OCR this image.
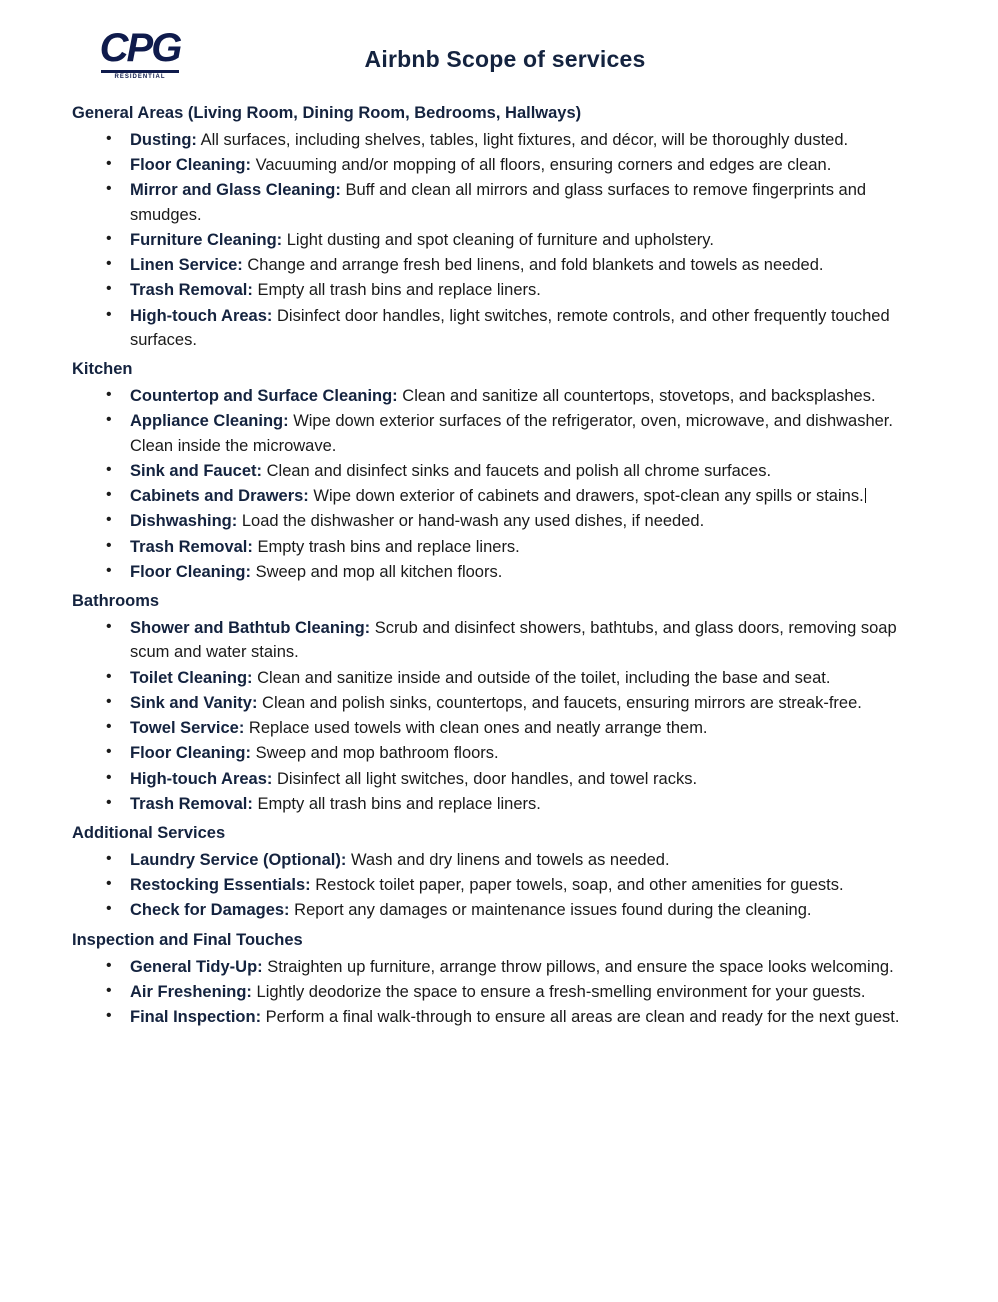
CPG
RESIDENTIAL
Airbnb Scope of services
General Areas (Living Room, Dining Room, Bedrooms, Hallways)
• Dusting: All surfaces, including shelves, tables, light fixtures, and décor, will be thoroughly dusted.
• Floor Cleaning: Vacuuming and/or mopping of all floors, ensuring corners and edges are clean.
• Mirror and Glass Cleaning: Buff and clean all mirrors and glass surfaces to remove fingerprints and smudges.
• Furniture Cleaning: Light dusting and spot cleaning of furniture and upholstery.
• Linen Service: Change and arrange fresh bed linens, and fold blankets and towels as needed.
• Trash Removal: Empty all trash bins and replace liners.
• High-touch Areas: Disinfect door handles, light switches, remote controls, and other frequently touched surfaces.
Kitchen
• Countertop and Surface Cleaning: Clean and sanitize all countertops, stovetops, and backsplashes.
• Appliance Cleaning: Wipe down exterior surfaces of the refrigerator, oven, microwave, and dishwasher. Clean inside the microwave.
• Sink and Faucet: Clean and disinfect sinks and faucets and polish all chrome surfaces.
• Cabinets and Drawers: Wipe down exterior of cabinets and drawers, spot-clean any spills or stains.
• Dishwashing: Load the dishwasher or hand-wash any used dishes, if needed.
• Trash Removal: Empty trash bins and replace liners.
• Floor Cleaning: Sweep and mop all kitchen floors.
Bathrooms
• Shower and Bathtub Cleaning: Scrub and disinfect showers, bathtubs, and glass doors, removing soap scum and water stains.
• Toilet Cleaning: Clean and sanitize inside and outside of the toilet, including the base and seat.
• Sink and Vanity: Clean and polish sinks, countertops, and faucets, ensuring mirrors are streak-free.
• Towel Service: Replace used towels with clean ones and neatly arrange them.
• Floor Cleaning: Sweep and mop bathroom floors.
• High-touch Areas: Disinfect all light switches, door handles, and towel racks.
• Trash Removal: Empty all trash bins and replace liners.
Additional Services
• Laundry Service (Optional): Wash and dry linens and towels as needed.
• Restocking Essentials: Restock toilet paper, paper towels, soap, and other amenities for guests.
• Check for Damages: Report any damages or maintenance issues found during the cleaning.
Inspection and Final Touches
• General Tidy-Up: Straighten up furniture, arrange throw pillows, and ensure the space looks welcoming.
• Air Freshening: Lightly deodorize the space to ensure a fresh-smelling environment for your guests.
• Final Inspection: Perform a final walk-through to ensure all areas are clean and ready for the next guest.
